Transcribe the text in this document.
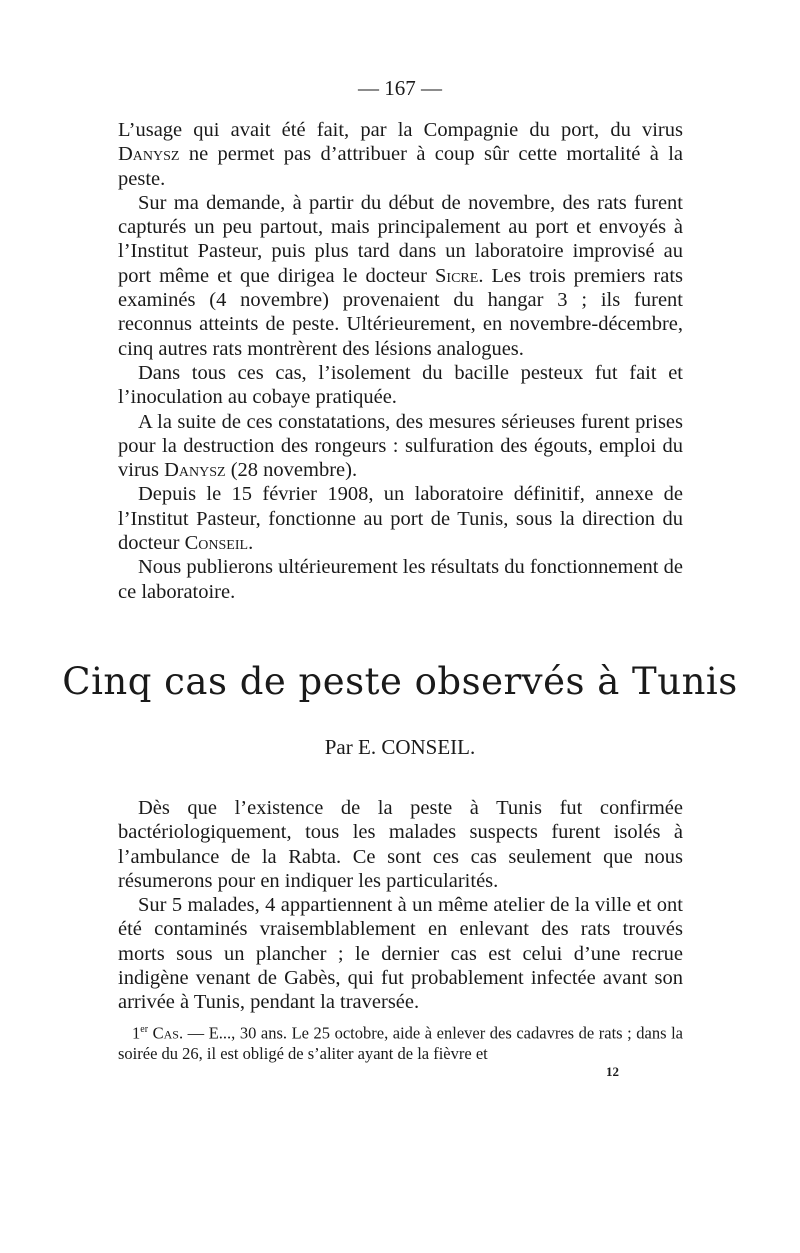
— 167 —

L’usage qui avait été fait, par la Compagnie du port, du virus Danysz ne permet pas d’attribuer à coup sûr cette mortalité à la peste.

Sur ma demande, à partir du début de novembre, des rats furent capturés un peu partout, mais principalement au port et envoyés à l’Institut Pasteur, puis plus tard dans un laboratoire improvisé au port même et que dirigea le docteur Sicre. Les trois premiers rats examinés (4 novembre) provenaient du hangar 3 ; ils furent reconnus atteints de peste. Ultérieurement, en novembre-décembre, cinq autres rats montrèrent des lésions analogues.

Dans tous ces cas, l’isolement du bacille pesteux fut fait et l’inoculation au cobaye pratiquée.

A la suite de ces constatations, des mesures sérieuses furent prises pour la destruction des rongeurs : sulfuration des égouts, emploi du virus Danysz (28 novembre).

Depuis le 15 février 1908, un laboratoire définitif, annexe de l’Institut Pasteur, fonctionne au port de Tunis, sous la direction du docteur Conseil.

Nous publierons ultérieurement les résultats du fonctionnement de ce laboratoire.

Cinq cas de peste observés à Tunis
Par E. CONSEIL.

Dès que l’existence de la peste à Tunis fut confirmée bactériologiquement, tous les malades suspects furent isolés à l’ambulance de la Rabta. Ce sont ces cas seulement que nous résumerons pour en indiquer les particularités.

Sur 5 malades, 4 appartiennent à un même atelier de la ville et ont été contaminés vraisemblablement en enlevant des rats trouvés morts sous un plancher ; le dernier cas est celui d’une recrue indigène venant de Gabès, qui fut probablement infectée avant son arrivée à Tunis, pendant la traversée.

1er Cas. — E..., 30 ans. Le 25 octobre, aide à enlever des cadavres de rats ; dans la soirée du 26, il est obligé de s’aliter ayant de la fièvre et

12
